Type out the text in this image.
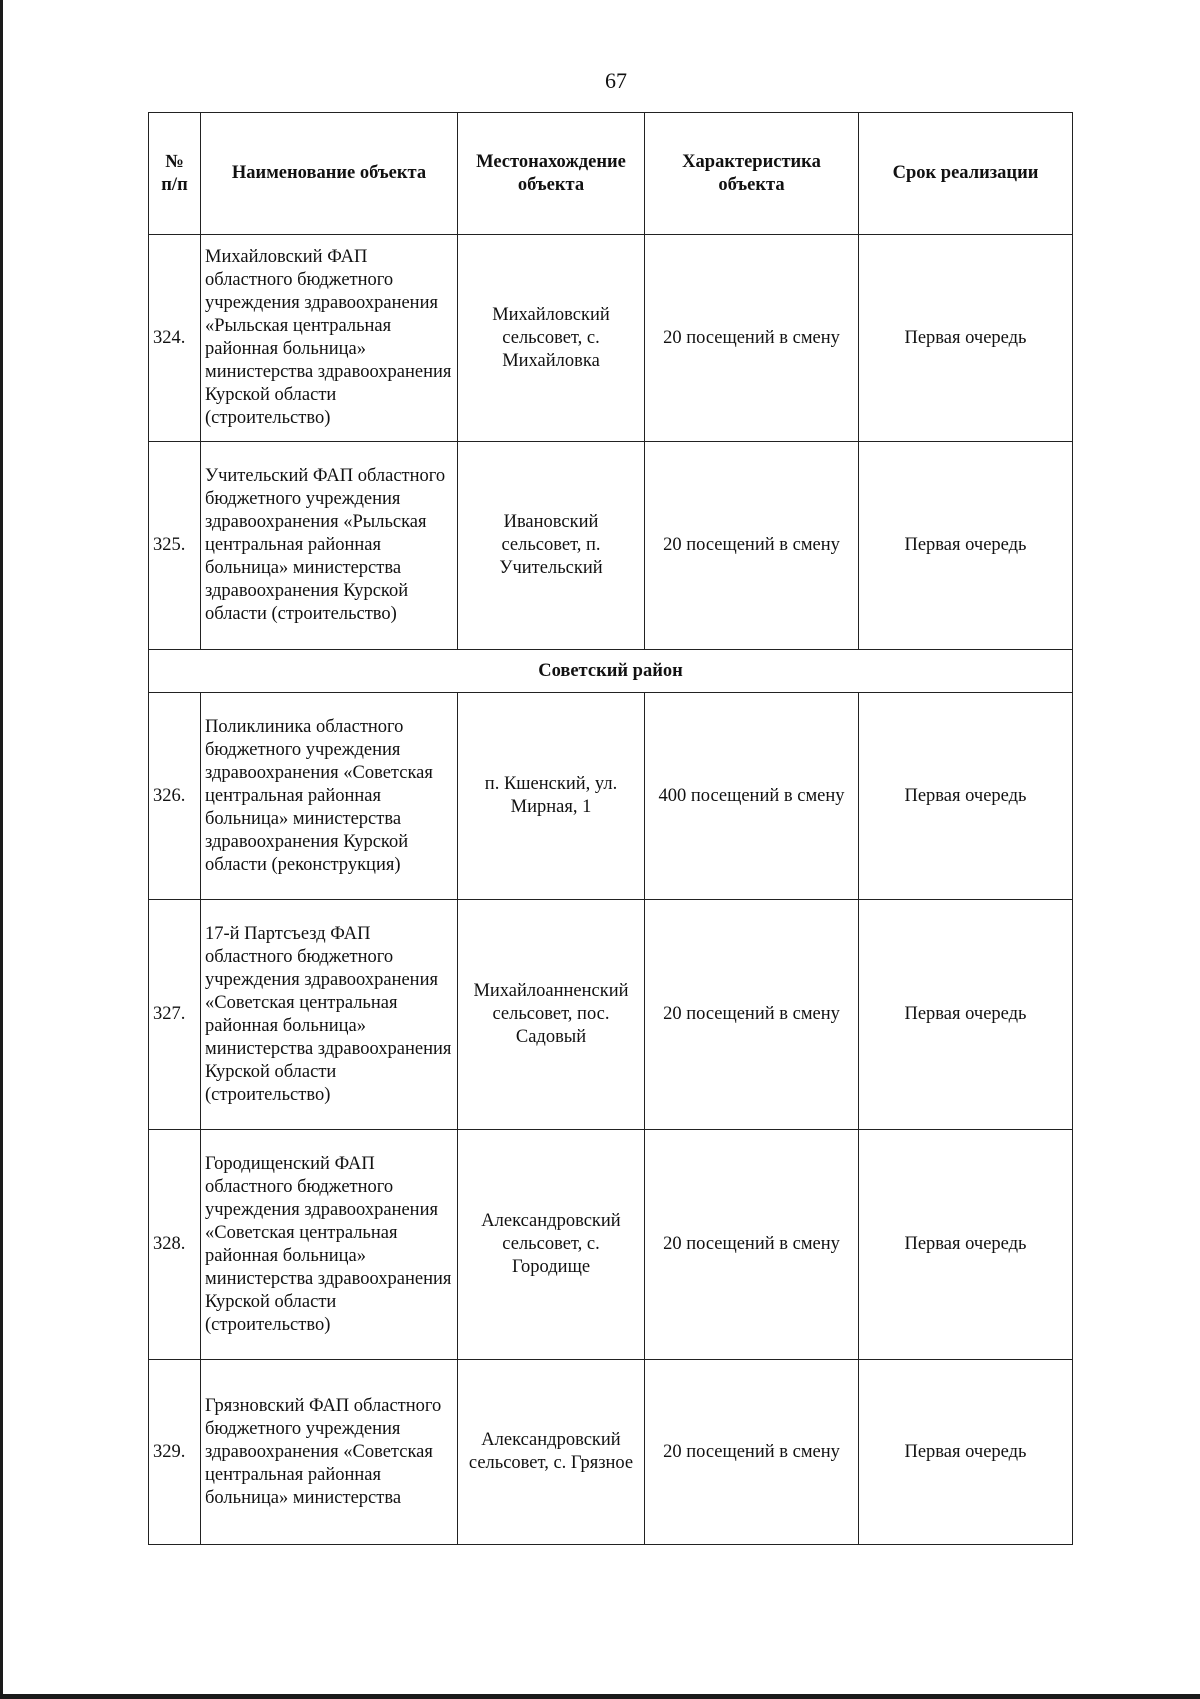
67
№
п/п	Наименование объекта	Местонахождение объекта	Характеристика объекта	Срок реализации
324.	Михайловский ФАП областного бюджетного учреждения здравоохранения «Рыльская центральная районная больница» министерства здравоохранения Курской области (строительство)	Михайловский сельсовет, с. Михайловка	20 посещений в смену	Первая очередь
325.	Учительский ФАП областного бюджетного учреждения здравоохранения «Рыльская центральная районная больница» министерства здравоохранения Курской области (строительство)	Ивановский сельсовет, п. Учительский	20 посещений в смену	Первая очередь
Советский район				
326.	Поликлиника областного бюджетного учреждения здравоохранения «Советская центральная районная больница» министерства здравоохранения Курской области (реконструкция)	п. Кшенский, ул. Мирная, 1	400 посещений в смену	Первая очередь
327.	17-й Партсъезд ФАП областного бюджетного учреждения здравоохранения «Советская центральная районная больница» министерства здравоохранения Курской области (строительство)	Михайлоанненский сельсовет, пос. Садовый	20 посещений в смену	Первая очередь
328.	Городищенский ФАП областного бюджетного учреждения здравоохранения «Советская центральная районная больница» министерства здравоохранения Курской области (строительство)	Александровский сельсовет, с. Городище	20 посещений в смену	Первая очередь
329.	Грязновский ФАП областного бюджетного учреждения здравоохранения «Советская центральная районная больница» министерства	Александровский сельсовет, с. Грязное	20 посещений в смену	Первая очередь
